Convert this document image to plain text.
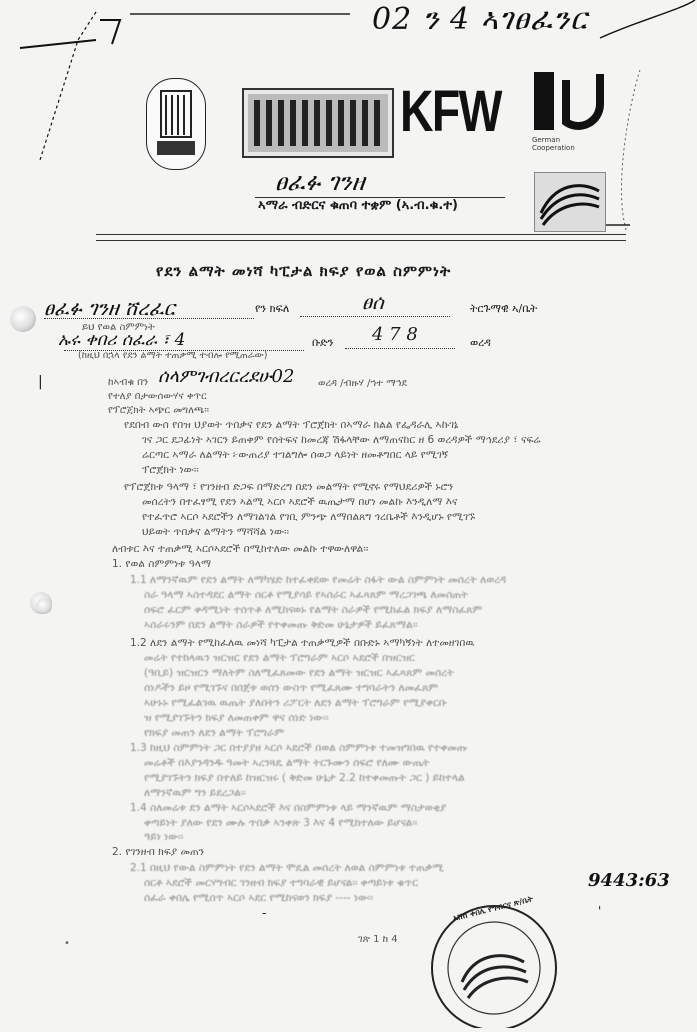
02 ን 4 ኣገፀፈንር
KFW	German Cooperation
ፀፈፉ ገንዘ
ኣማራ ብድርና ቁጠባ ተቋም (ኣ.ብ.ቁ.ተ)
የደን ልማት መነሻ ካፒታል ክፍያ የወል ስምምነት
ፀፈፉ ገንዘ ሸረፈር	የን ክፍለ	ፀሰ	ትርጉማዊ ኣ/ቤት
ይህ የወል ስምምነት
ኡሩ ቀበሪ ሰፈራ ፣ 4	ቡድን 4 7 8	ወረዳ
(ከዚህ በኋላ የደን ልማት ተጠቃሚ ተብሎ የሚጠራው)
|	ከኣብቁ በን ሰላምገብረርረደሁ02 ወረዳ /ብዙሃ /ኀተ ማኅደ
የተለያ በታውሰውሃና ቀጥር
የፕሮጀክት ኣጭር መግለጫ፡፡
የደበብ ውሰ የበዝ ህያወት ጥበቃና የደን ልማት ፕሮጀክት በኣማራ ክልል የፌዳራሊ ኣኩገኔ
ገና ጋር ደጋፊነት ኣገርን ይጠቀም የሰትፍና ከመረጃ ሽፋላቸው ለማጠናከር ዘ 6 ወረዳዎች ማኅደሪያ ፣ ናፍሬ
ሬርጣር ኣማራ ለልማት ፦ውጠሪያ ተገልግሎ ሰወጋ ላይነት ዘመቶግበር ላይ የሚገኝ
ፕሮጀክት ነው፡፡
የፕሮጀክቱ ዓላማ ፣ የገንዘብ ድጋፍ በማድረግ በደን መልማት የሚኖሩ የማህደሪዎች ኑሮን
መሰረትን በተፈፃሚ የደን ኣልሚ ኣርሶ ኣደሮች ዉጤታማ በሆነ መልኩ እንዲለማ እና
የተፈጥሮ ኣርሶ ኣደሮችን ለማገልገል የገቢ ምንጭ ለማበልጸግ ጎረቤቶች እንዲሆኑ የሚገኙ
ህይወት ጥበቃና ልማትን ማሻሻል ነው፡፡
ለብቱር እና ተጠቃሚ ኣርሶኣደሮች በሚከተለው መልኩ ተዋውለዋል፡፡
1. የወል ስምምነቱ ዓላማ
1.1 ለማንኛዉም የደን ልማት ለማካሄድ ከተፈቀደው የመሬት ስፋት ውል ስምምነት መሰረት ለወረዳ
ስራ ዓላማ ኣስተዳደር ልማት ሰርቶ የሚያሳይ የኣሰራር ኣፈጻጸም ማረጋገጫ ለመስጠት
ሰፍሮ ፈርም ቀዳሚነት ተሰጥቶ ለሚከናወኑ የልማት ስራዎች የሚከፈል ክፍያ ለማስፈጸም
ኣሰራሩንም በደን ልማት ስራዎች የተቀመጡ ቅድመ ሁኔታዎች ይፈጸማል፡፡
1.2 ለደን ልማት የሚከፈለዉ መነሻ ካፒታል ተጠቃሚዎች በቡድኑ ኣማካኝነት ለተመዘገበዉ
መሬት የተከላዉን ዝርዝር የደን ልማት ፕሮግራም ኣርሶ ኣደሮች በዝርዝር
(ዓቢይ) ዝርዝርን ማለትም ስለሚፈጸመው የደን ልማት ዝርዝር ኣፈጻጸም መሰረት
ሰነዶችን ይዞ የሚገኙና በበጀቱ ወሰን ውስጥ የሚፈጸሙ ተግባራትን ለመፈጸም
ኣሁኑኑ የሚፈልገዉ ዉጤት ያለበትን ሪፖርት ለደን ልማት ፕሮግራም የሚያቀርቡ
ዝ የሚያገኙትን ክፍያ ለመጠቀም ዋና ሰነድ ነው፡፡
የክፍያ መጠን ለደን ልማት ፕሮግራም
1.3 ከዚህ ስምምነት ጋር በተያያዘ ኣርሶ ኣደሮች በወል ስምምነቱ ተመዝግበዉ የተቀመጡ
መሬቶች በእያንዳንዱ ዓመት ኣረንጓዴ ልማት ትርጉሙን ሰፍሮ የለሙ ውጤት
የሚያገኙትን ክፍያ በተለይ ከዝርዝሩ ( ቅድመ ሁኔታ 2.2 ከተቀመጡት ጋር ) ይከተላል
ለማንኛዉም ግን ይደረጋል፡፡
1.4 ስለመሬቱ ደን ልማት ኣርሶኣደሮች እና በስምምነቱ ላይ ማንኛዉም ማስታወቂያ
ቀጣይነት ያለው የደን ሙሉ ጥበቃ ኣንቀጽ 3 እና 4 የሚከተለው ይሆናል፡፡
ዓይነ ነው፡፡
2. የገንዘብ ክፍያ መጠን
2.1 በዚህ የውል ስምምነት የደን ልማት ሞዴል መሰረት ለወል ስምምነቱ ተጠቃሚ
ሰርቶ ኣደሮች መርሃግብር ገንዘብ ክፍያ ተግባራዊ ይሆናል፡፡ ቀጣይነቱ ቁጥር
ሰፈራ ቀበሌ የሚሰጥ ኣርሶ ኣደር የሚከናወን ክፍያ ---- ነው፡፡
9443:63
-	'
ገጽ 1 ከ 4
ኣሸሸ ቀበሌ የግብርና ጽ/ቤት
•
